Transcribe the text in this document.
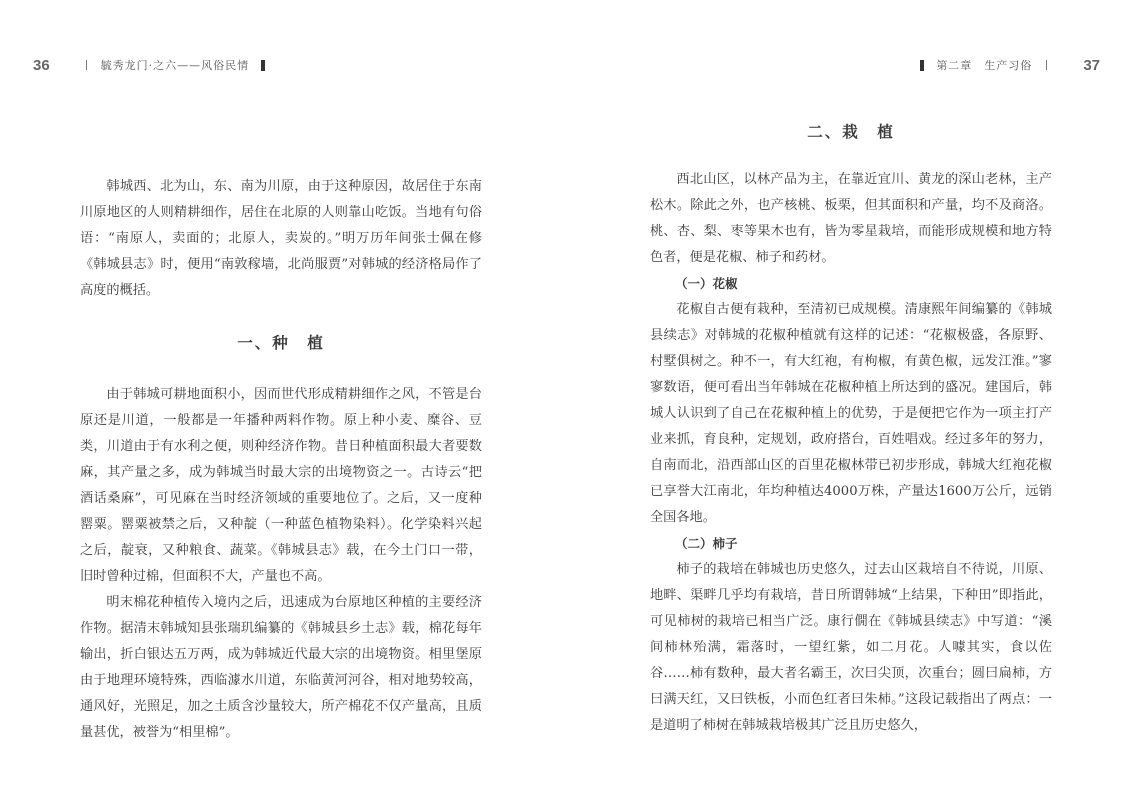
36	毓秀龙门·之六——风俗民情

韩城西、北为山，东、南为川原，由于这种原因，故居住于东南川原地区的人则精耕细作，居住在北原的人则靠山吃饭。当地有句俗语：“南原人，卖面的；北原人，卖炭的。”明万历年间张士佩在修《韩城县志》时，便用“南敦稼墙，北尚服贾”对韩城的经济格局作了高度的概括。

一、种　植

由于韩城可耕地面积小，因而世代形成精耕细作之风，不管是台原还是川道，一般都是一年播种两料作物。原上种小麦、糜谷、豆类，川道由于有水利之便，则种经济作物。昔日种植面积最大者要数麻，其产量之多，成为韩城当时最大宗的出境物资之一。古诗云“把酒话桑麻”，可见麻在当时经济领域的重要地位了。之后，又一度种罂粟。罂粟被禁之后，又种靛（一种蓝色植物染料）。化学染料兴起之后，靛衰，又种粮食、蔬菜。《韩城县志》载，在今土门口一带，旧时曾种过棉，但面积不大，产量也不高。

明末棉花种植传入境内之后，迅速成为台原地区种植的主要经济作物。据清末韩城知县张瑞玑编纂的《韩城县乡土志》载，棉花每年输出，折白银达五万两，成为韩城近代最大宗的出境物资。相里堡原由于地理环境特殊，西临澽水川道，东临黄河河谷，相对地势较高，通风好，光照足，加之土质含沙量较大，所产棉花不仅产量高，且质量甚优，被誉为“相里棉”。

第二章　生产习俗	37
二、栽　植

西北山区，以林产品为主，在靠近宜川、黄龙的深山老林，主产松木。除此之外，也产核桃、板栗，但其面积和产量，均不及商洛。桃、杏、梨、枣等果木也有，皆为零星栽培，而能形成规模和地方特色者，便是花椒、柿子和药材。

（一）花椒

花椒自古便有栽种，至清初已成规模。清康熙年间编纂的《韩城县续志》对韩城的花椒种植就有这样的记述：“花椒极盛，各原野、村墅俱树之。种不一，有大红袍，有枸椒，有黄色椒，远发江淮。”寥寥数语，便可看出当年韩城在花椒种植上所达到的盛况。建国后，韩城人认识到了自己在花椒种植上的优势，于是便把它作为一项主打产业来抓，育良种，定规划，政府搭台，百姓唱戏。经过多年的努力，自南而北，沿西部山区的百里花椒林带已初步形成，韩城大红袍花椒已享誉大江南北，年均种植达4000万株，产量达1600万公斤，远销全国各地。

（二）柿子

柿子的栽培在韩城也历史悠久，过去山区栽培自不待说，川原、地畔、渠畔几乎均有栽培，昔日所谓韩城“上结果，下种田”即指此，可见柿树的栽培已相当广泛。康行僩在《韩城县续志》中写道：“溪间柿林殆满，霜落时，一望红紫，如二月花。人噱其实，食以佐谷……柿有数种，最大者名霸王，次曰尖顶，次重台；圆曰扁柿，方曰满天红，又曰铁板，小而色红者曰朱柿。”这段记载指出了两点：一是道明了柿树在韩城栽培极其广泛且历史悠久，
